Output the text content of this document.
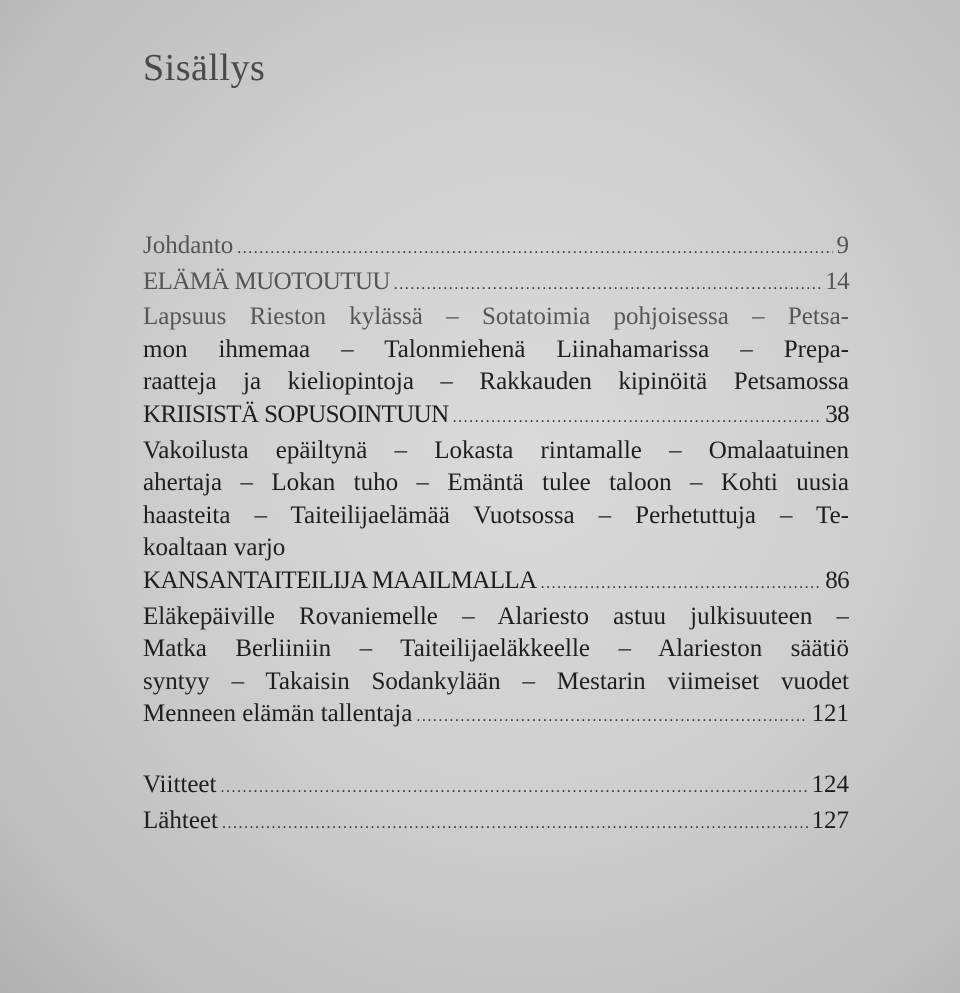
Sisällys
Johdanto .....	9
ELÄMÄ MUOTOUTUU .....	14
Lapsuus Rieston kylässä – Sotatoimia pohjoisessa – Petsa-
mon ihmemaa – Talonmiehenä Liinahamarissa – Prepa-
raatteja ja kieliopintoja – Rakkauden kipinöitä Petsamossa
KRIISISTÄ SOPUSOINTUUN .....	38
Vakoilusta epäiltynä – Lokasta rintamalle – Omalaatuinen
ahertaja – Lokan tuho – Emäntä tulee taloon – Kohti uusia
haasteita – Taiteilijaelämää Vuotsossa – Perhetuttuja – Te-
koaltaan varjo
KANSANTAITEILIJA MAAILMALLA .....	86
Eläkepäiville Rovaniemelle – Alariesto astuu julkisuuteen –
Matka Berliiniin – Taiteilijaeläkkeelle – Alarieston säätiö
syntyy – Takaisin Sodankylään – Mestarin viimeiset vuodet
Menneen elämän tallentaja .....	121
Viitteet .....	124
Lähteet .....	127
